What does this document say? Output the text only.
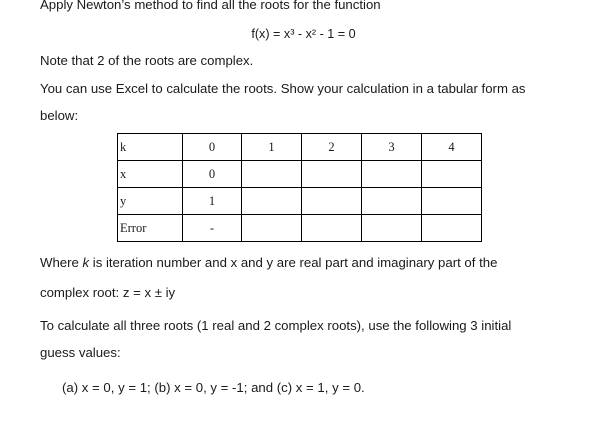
Apply Newton’s method to find all the roots for the function
f(x) = x³ - x² - 1 = 0
Note that 2 of the roots are complex.
You can use Excel to calculate the roots. Show your calculation in a tabular form as
below:
k	0	1	2	3	4
x	0				
y	1				
Error	-				
Where k is iteration number and x and y are real part and imaginary part of the
complex root: z = x ± iy
To calculate all three roots (1 real and 2 complex roots), use the following 3 initial
guess values:
(a) x = 0, y = 1; (b) x = 0, y = -1; and (c) x = 1, y = 0.
